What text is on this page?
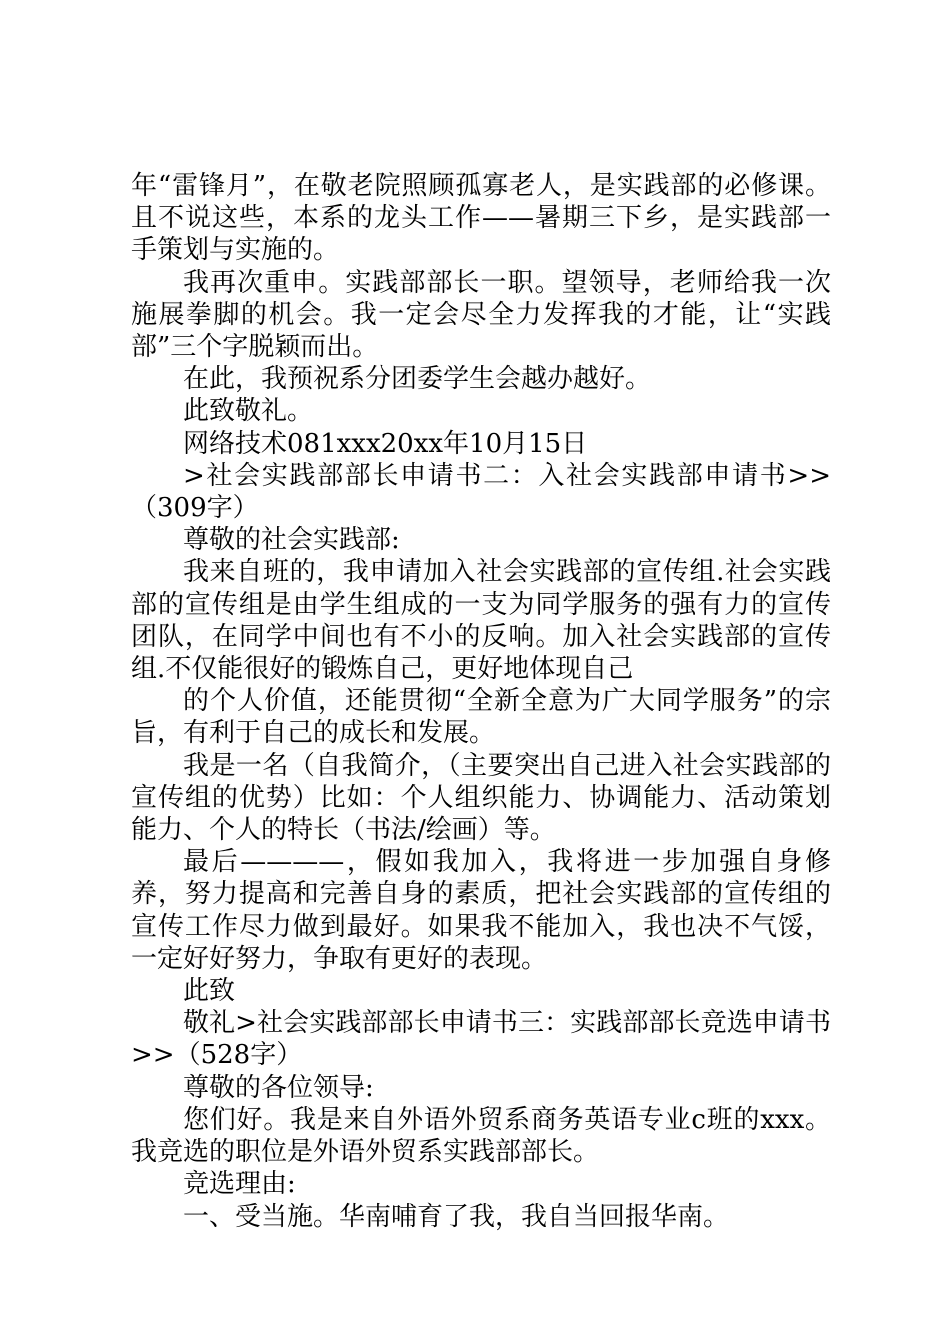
年“雷锋月”，在敬老院照顾孤寡老人，是实践部的必修课。且不说这些，本系的龙头工作——暑期三下乡，是实践部一手策划与实施的。

我再次重申。实践部部长一职。望领导，老师给我一次施展拳脚的机会。我一定会尽全力发挥我的才能，让“实践部”三个字脱颖而出。

在此，我预祝系分团委学生会越办越好。

此致敬礼。

网络技术081xxx20xx年10月15日

>社会实践部部长申请书二：入社会实践部申请书>>（309字）

尊敬的社会实践部:

我来自班的，我申请加入社会实践部的宣传组.社会实践部的宣传组是由学生组成的一支为同学服务的强有力的宣传团队，在同学中间也有不小的反响。加入社会实践部的宣传组.不仅能很好的锻炼自己，更好地体现自己

的个人价值，还能贯彻“全新全意为广大同学服务”的宗旨，有利于自己的成长和发展。

我是一名（自我简介，（主要突出自己进入社会实践部的宣传组的优势）比如：个人组织能力、协调能力、活动策划能力、个人的特长（书法/绘画）等。

最后————，假如我加入，我将进一步加强自身修养，努力提高和完善自身的素质，把社会实践部的宣传组的宣传工作尽力做到最好。如果我不能加入，我也决不气馁，一定好好努力，争取有更好的表现。

此致

敬礼>社会实践部部长申请书三：实践部部长竞选申请书>>（528字）

尊敬的各位领导:

您们好。我是来自外语外贸系商务英语专业c班的xxx。我竞选的职位是外语外贸系实践部部长。

竞选理由:

一、受当施。华南哺育了我，我自当回报华南。
